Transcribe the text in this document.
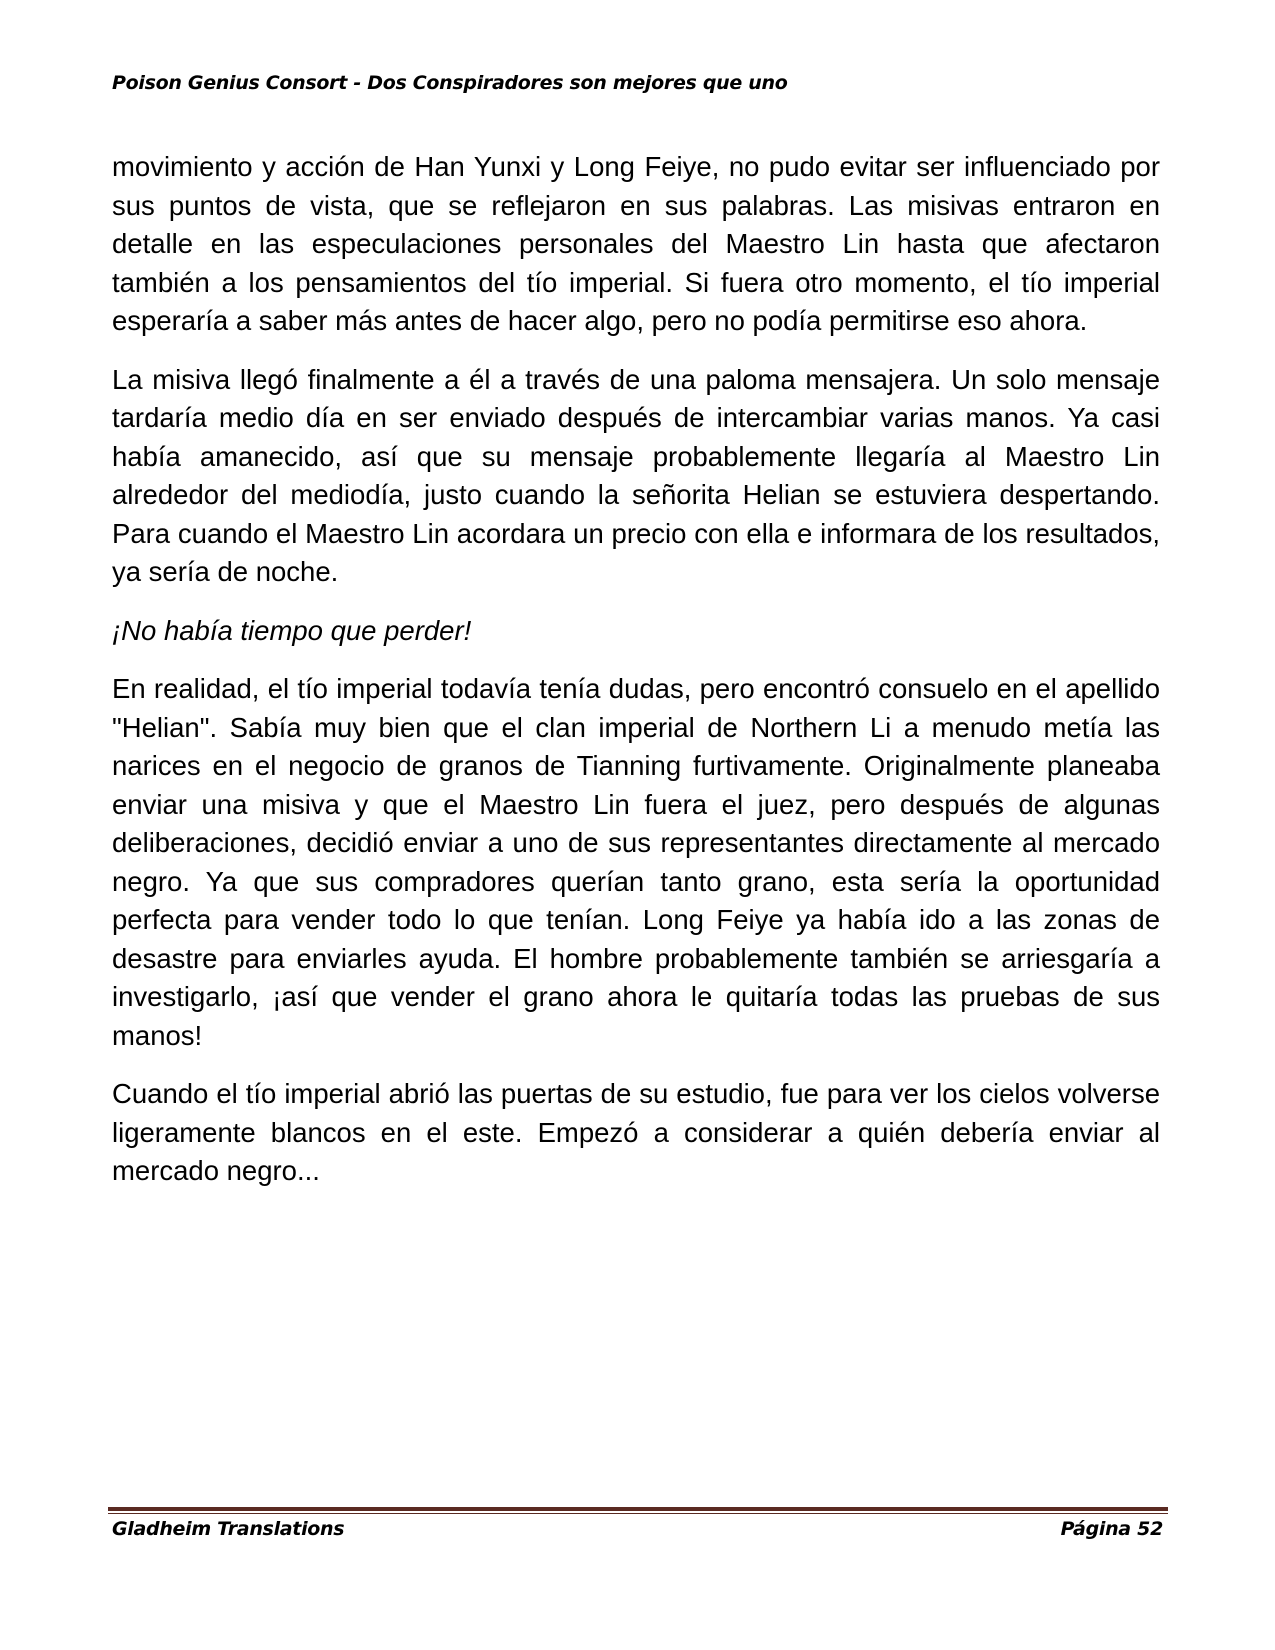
Poison Genius Consort - Dos Conspiradores son mejores que uno

movimiento y acción de Han Yunxi y Long Feiye, no pudo evitar ser influenciado por sus puntos de vista, que se reflejaron en sus palabras. Las misivas entraron en detalle en las especulaciones personales del Maestro Lin hasta que afectaron también a los pensamientos del tío imperial. Si fuera otro momento, el tío imperial esperaría a saber más antes de hacer algo, pero no podía permitirse eso ahora.

La misiva llegó finalmente a él a través de una paloma mensajera. Un solo mensaje tardaría medio día en ser enviado después de intercambiar varias manos. Ya casi había amanecido, así que su mensaje probablemente llegaría al Maestro Lin alrededor del mediodía, justo cuando la señorita Helian se estuviera despertando. Para cuando el Maestro Lin acordara un precio con ella e informara de los resultados, ya sería de noche.

¡No había tiempo que perder!

En realidad, el tío imperial todavía tenía dudas, pero encontró consuelo en el apellido "Helian". Sabía muy bien que el clan imperial de Northern Li a menudo metía las narices en el negocio de granos de Tianning furtivamente. Originalmente planeaba enviar una misiva y que el Maestro Lin fuera el juez, pero después de algunas deliberaciones, decidió enviar a uno de sus representantes directamente al mercado negro. Ya que sus compradores querían tanto grano, esta sería la oportunidad perfecta para vender todo lo que tenían. Long Feiye ya había ido a las zonas de desastre para enviarles ayuda. El hombre probablemente también se arriesgaría a investigarlo, ¡así que vender el grano ahora le quitaría todas las pruebas de sus manos!

Cuando el tío imperial abrió las puertas de su estudio, fue para ver los cielos volverse ligeramente blancos en el este. Empezó a considerar a quién debería enviar al mercado negro...

Gladheim Translations	Página 52
